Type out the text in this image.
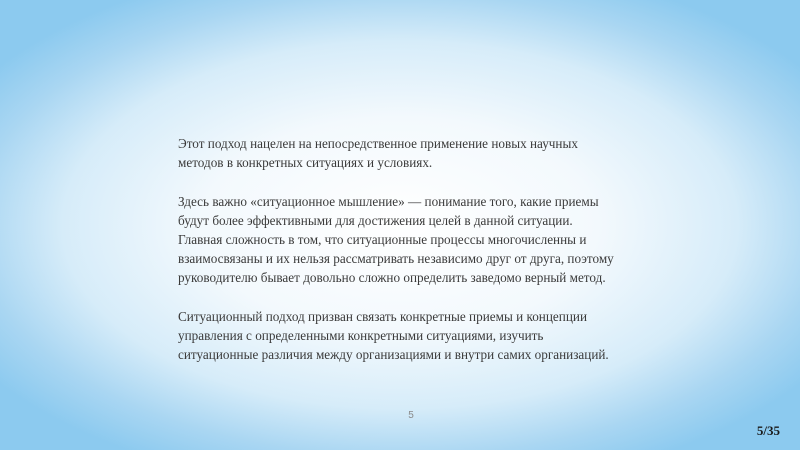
Этот подход нацелен на непосредственное применение новых научных
методов в конкретных ситуациях и условиях.

Здесь важно «ситуационное мышление» — понимание того, какие приемы
будут более эффективными для достижения целей в данной ситуации.
Главная сложность в том, что ситуационные процессы многочисленны и
взаимосвязаны и их нельзя рассматривать независимо друг от друга, поэтому
руководителю бывает довольно сложно определить заведомо верный метод.

Ситуационный подход призван связать конкретные приемы и концепции
управления с определенными конкретными ситуациями, изучить
ситуационные различия между организациями и внутри самих организаций.

5
5/35
